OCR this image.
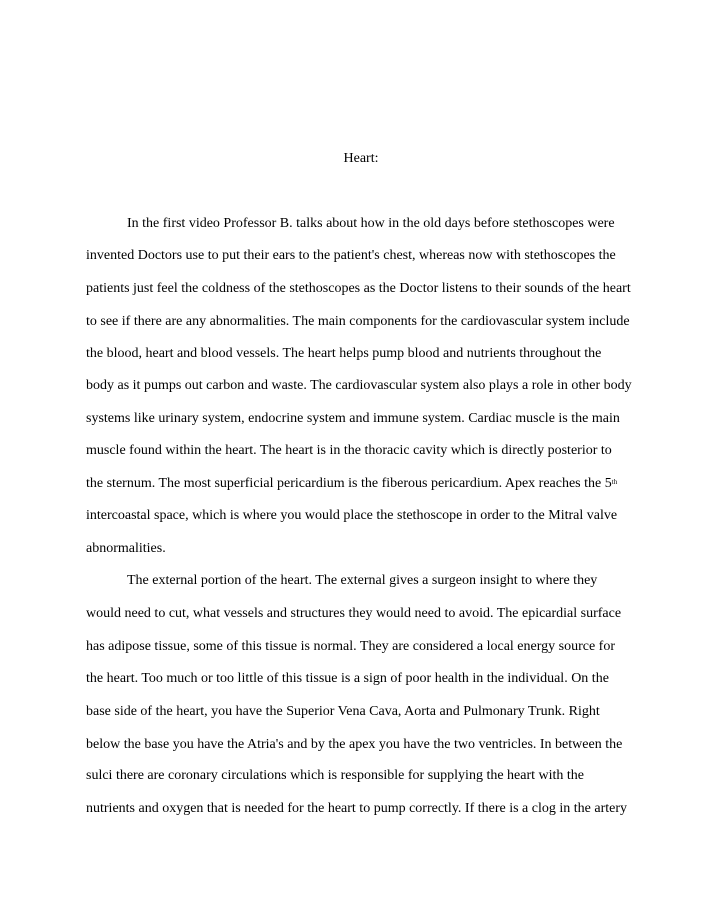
Heart:
In the first video Professor B. talks about how in the old days before stethoscopes were
invented Doctors use to put their ears to the patient's chest, whereas now with stethoscopes the
patients just feel the coldness of the stethoscopes as the Doctor listens to their sounds of the heart
to see if there are any abnormalities. The main components for the cardiovascular system include
the blood, heart and blood vessels. The heart helps pump blood and nutrients throughout the
body as it pumps out carbon and waste. The cardiovascular system also plays a role in other body
systems like urinary system, endocrine system and immune system. Cardiac muscle is the main
muscle found within the heart. The heart is in the thoracic cavity which is directly posterior to
the sternum. The most superficial pericardium is the fiberous pericardium. Apex reaches the 5th
intercoastal space, which is where you would place the stethoscope in order to the Mitral valve
abnormalities.
The external portion of the heart. The external gives a surgeon insight to where they
would need to cut, what vessels and structures they would need to avoid. The epicardial surface
has adipose tissue, some of this tissue is normal. They are considered a local energy source for
the heart. Too much or too little of this tissue is a sign of poor health in the individual. On the
base side of the heart, you have the Superior Vena Cava, Aorta and Pulmonary Trunk. Right
below the base you have the Atria's and by the apex you have the two ventricles. In between the
sulci there are coronary circulations which is responsible for supplying the heart with the
nutrients and oxygen that is needed for the heart to pump correctly. If there is a clog in the artery
